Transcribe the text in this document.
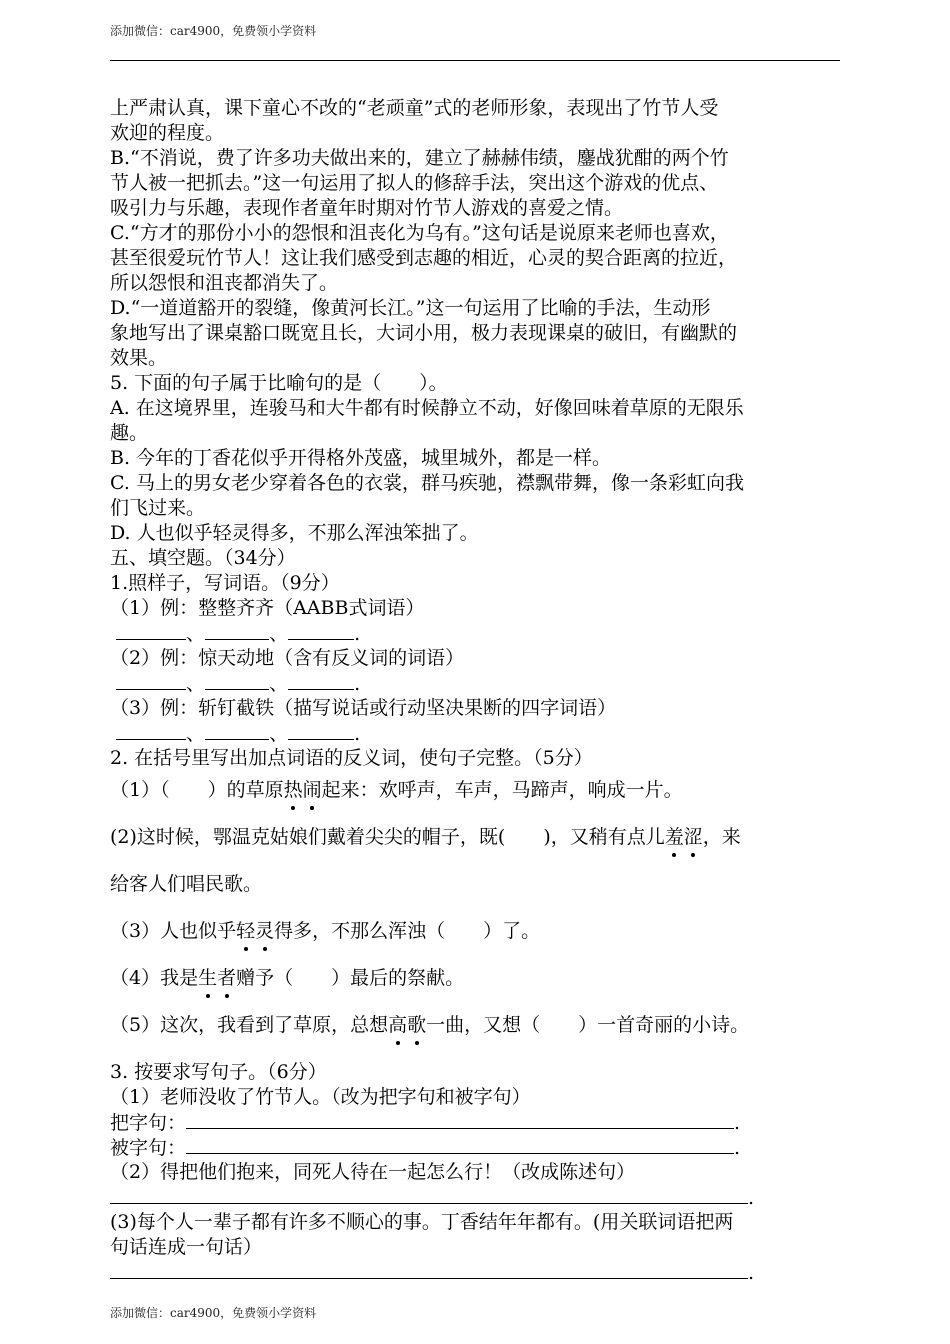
添加微信：car4900，免费领小学资料
上严肃认真，课下童心不改的“老顽童”式的老师形象，表现出了竹节人受
欢迎的程度。
B.“不消说，费了许多功夫做出来的，建立了赫赫伟绩，鏖战犹酣的两个竹
节人被一把抓去。”这一句运用了拟人的修辞手法，突出这个游戏的优点、
吸引力与乐趣，表现作者童年时期对竹节人游戏的喜爱之情。
C.“方才的那份小小的怨恨和沮丧化为乌有。”这句话是说原来老师也喜欢，
甚至很爱玩竹节人！这让我们感受到志趣的相近，心灵的契合距离的拉近，
所以怨恨和沮丧都消失了。
D.“一道道豁开的裂缝，像黄河长江。”这一句运用了比喻的手法，生动形
象地写出了课桌豁口既宽且长，大词小用，极力表现课桌的破旧，有幽默的
效果。
5. 下面的句子属于比喻句的是（　　）。
A. 在这境界里，连骏马和大牛都有时候静立不动，好像回味着草原的无限乐
趣。
B. 今年的丁香花似乎开得格外茂盛，城里城外，都是一样。
C. 马上的男女老少穿着各色的衣裳，群马疾驰，襟飘带舞，像一条彩虹向我
们飞过来。
D. 人也似乎轻灵得多，不那么浑浊笨拙了。
五、填空题。（34分）
1.照样子，写词语。（9分）
（1）例：整整齐齐（AABB式词语）
、	、	.
（2）例：惊天动地（含有反义词的词语）
、	、	.
（3）例：斩钉截铁（描写说话或行动坚决果断的四字词语）
、	、	.
2. 在括号里写出加点词语的反义词，使句子完整。（5分）
（1）（　　）的草原热闹起来：欢呼声，车声，马蹄声，响成一片。
(2)这时候，鄂温克姑娘们戴着尖尖的帽子，既(　　)，又稍有点儿羞涩，来
给客人们唱民歌。
（3）人也似乎轻灵得多，不那么浑浊（　　）了。
（4）我是生者赠予（　　）最后的祭献。
（5）这次，我看到了草原，总想高歌一曲，又想（　　）一首奇丽的小诗。
3. 按要求写句子。（6分）
（1）老师没收了竹节人。（改为把字句和被字句）
把字句：	.
被字句：	.
（2）得把他们抱来，同死人待在一起怎么行！（改成陈述句）
.
(3)每个人一辈子都有许多不顺心的事。丁香结年年都有。(用关联词语把两
句话连成一句话）
.
添加微信：car4900，免费领小学资料
